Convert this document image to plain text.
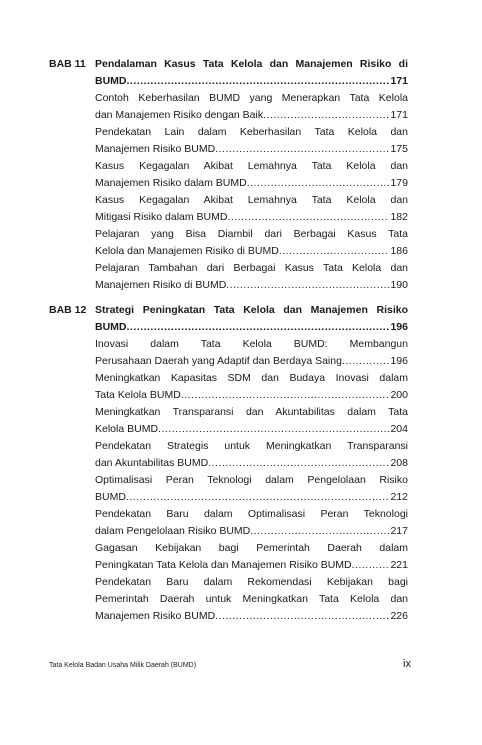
BAB 11 Pendalaman Kasus Tata Kelola dan Manajemen Risiko di
BUMD .....	171
Contoh Keberhasilan BUMD yang Menerapkan Tata Kelola
dan Manajemen Risiko dengan Baik .....	171
Pendekatan Lain dalam Keberhasilan Tata Kelola dan
Manajemen Risiko BUMD .....	175
Kasus Kegagalan Akibat Lemahnya Tata Kelola dan
Manajemen Risiko dalam BUMD .....	179
Kasus Kegagalan Akibat Lemahnya Tata Kelola dan
Mitigasi Risiko dalam BUMD .....	182
Pelajaran yang Bisa Diambil dari Berbagai Kasus Tata
Kelola dan Manajemen Risiko di BUMD .....	186
Pelajaran Tambahan dari Berbagai Kasus Tata Kelola dan
Manajemen Risiko di BUMD .....	190
BAB 12 Strategi Peningkatan Tata Kelola dan Manajemen Risiko
BUMD .....	196
Inovasi dalam Tata Kelola BUMD: Membangun
Perusahaan Daerah yang Adaptif dan Berdaya Saing .....	196
Meningkatkan Kapasitas SDM dan Budaya Inovasi dalam
Tata Kelola BUMD .....	200
Meningkatkan Transparansi dan Akuntabilitas dalam Tata
Kelola BUMD .....	204
Pendekatan Strategis untuk Meningkatkan Transparansi
dan Akuntabilitas BUMD .....	208
Optimalisasi Peran Teknologi dalam Pengelolaan Risiko
BUMD .....	212
Pendekatan Baru dalam Optimalisasi Peran Teknologi
dalam Pengelolaan Risiko BUMD .....	217
Gagasan Kebijakan bagi Pemerintah Daerah dalam
Peningkatan Tata Kelola dan Manajemen Risiko BUMD .....	221
Pendekatan Baru dalam Rekomendasi Kebijakan bagi
Pemerintah Daerah untuk Meningkatkan Tata Kelola dan
Manajemen Risiko BUMD .....	226
Tata Kelola Badan Usaha Milik Daerah (BUMD)	ix
